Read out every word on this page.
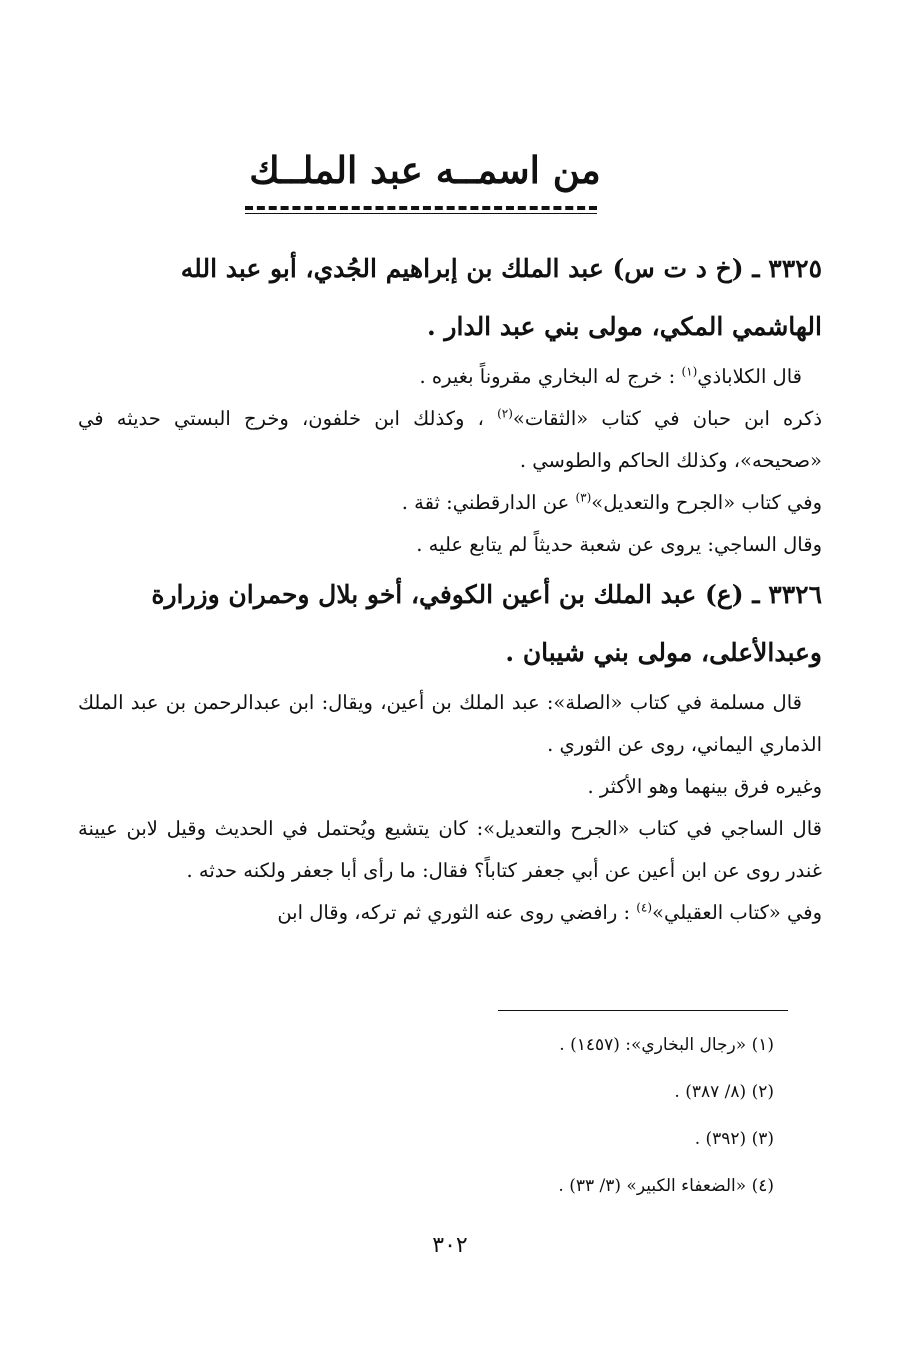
من اسمــه عبد الملــك
٣٣٢٥ ـ (خ د ت س) عبد الملك بن إبراهيم الجُدي، أبو عبد الله
الهاشمي المكي، مولى بني عبد الدار .
قال الكلاباذي$^{(١)}$ : خرج له البخاري مقروناً بغيره .
ذكره ابن حبان في كتاب «الثقات»$^{(٢)}$ ، وكذلك ابن خلفون، وخرج البستي حديثه في «صحيحه»، وكذلك الحاكم والطوسي .
وفي كتاب «الجرح والتعديل»$^{(٣)}$ عن الدارقطني: ثقة .
وقال الساجي: يروى عن شعبة حديثاً لم يتابع عليه .
٣٣٢٦ ـ (ع) عبد الملك بن أعين الكوفي، أخو بلال وحمران وزرارة
وعبدالأعلى، مولى بني شيبان .
قال مسلمة في كتاب «الصلة»: عبد الملك بن أعين، ويقال: ابن عبدالرحمن بن عبد الملك الذماري اليماني، روى عن الثوري .
وغيره فرق بينهما وهو الأكثر .
قال الساجي في كتاب «الجرح والتعديل»: كان يتشيع ويُحتمل في الحديث وقيل لابن عيينة غندر روى عن ابن أعين عن أبي جعفر كتاباً؟ فقال: ما رأى أبا جعفر ولكنه حدثه .
وفي «كتاب العقيلي»$^{(٤)}$ : رافضي روى عنه الثوري ثم تركه، وقال ابن
(١) «رجال البخاري»: (١٤٥٧) .
(٢) (٨/ ٣٨٧) .
(٣) (٣٩٢) .
(٤) «الضعفاء الكبير» (٣/ ٣٣) .
٣٠٢
